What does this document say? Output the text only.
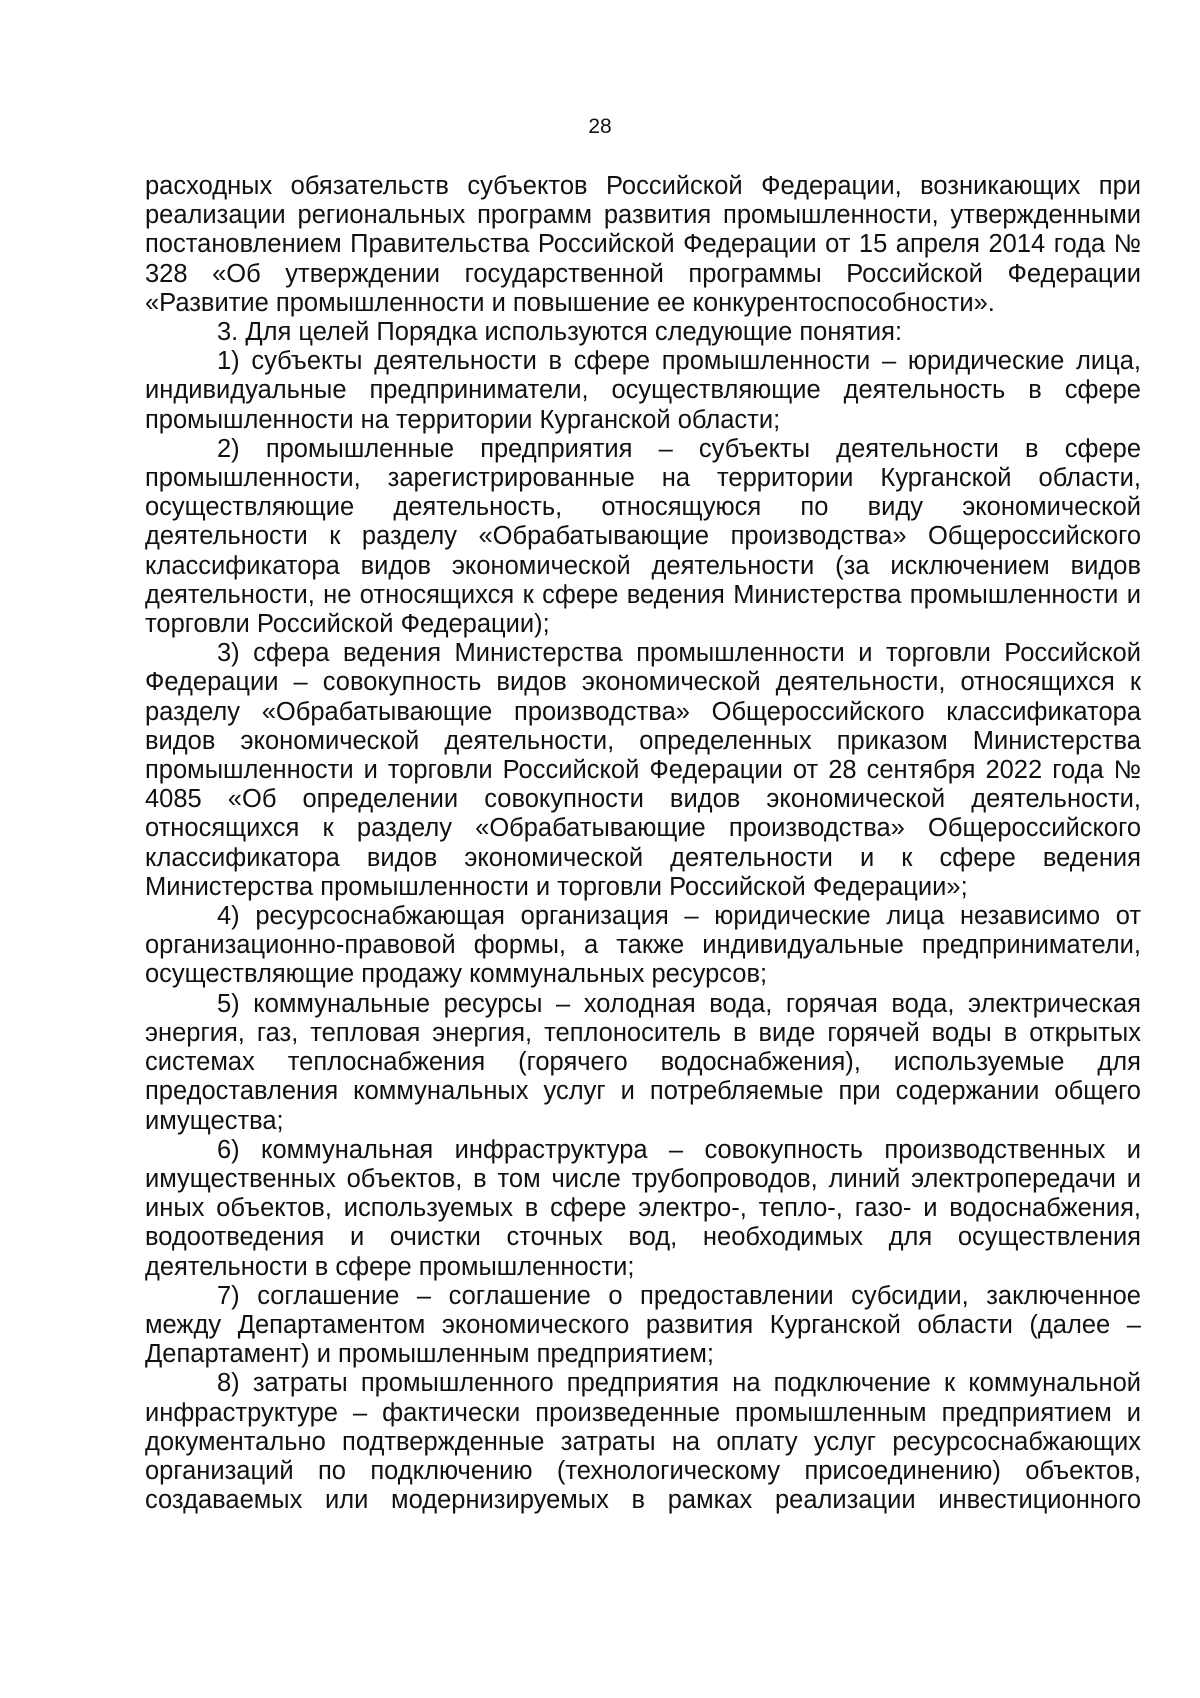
28

расходных обязательств субъектов Российской Федерации, возникающих при реализации региональных программ развития промышленности, утвержденными постановлением Правительства Российской Федерации от 15 апреля 2014 года № 328 «Об утверждении государственной программы Российской Федерации «Развитие промышленности и повышение ее конкурентоспособности».

3. Для целей Порядка используются следующие понятия:

1) субъекты деятельности в сфере промышленности – юридические лица, индивидуальные предприниматели, осуществляющие деятельность в сфере промышленности на территории Курганской области;

2) промышленные предприятия – субъекты деятельности в сфере промышленности, зарегистрированные на территории Курганской области, осуществляющие деятельность, относящуюся по виду экономической деятельности к разделу «Обрабатывающие производства» Общероссийского классификатора видов экономической деятельности (за исключением видов деятельности, не относящихся к сфере ведения Министерства промышленности и торговли Российской Федерации);

3) сфера ведения Министерства промышленности и торговли Российской Федерации – совокупность видов экономической деятельности, относящихся к разделу «Обрабатывающие производства» Общероссийского классификатора видов экономической деятельности, определенных приказом Министерства промышленности и торговли Российской Федерации от 28 сентября 2022 года № 4085 «Об определении совокупности видов экономической деятельности, относящихся к разделу «Обрабатывающие производства» Общероссийского классификатора видов экономической деятельности и к сфере ведения Министерства промышленности и торговли Российской Федерации»;

4) ресурсоснабжающая организация – юридические лица независимо от организационно-правовой формы, а также индивидуальные предприниматели, осуществляющие продажу коммунальных ресурсов;

5) коммунальные ресурсы – холодная вода, горячая вода, электрическая энергия, газ, тепловая энергия, теплоноситель в виде горячей воды в открытых системах теплоснабжения (горячего водоснабжения), используемые для предоставления коммунальных услуг и потребляемые при содержании общего имущества;

6) коммунальная инфраструктура – совокупность производственных и имущественных объектов, в том числе трубопроводов, линий электропередачи и иных объектов, используемых в сфере электро-, тепло-, газо- и водоснабжения, водоотведения и очистки сточных вод, необходимых для осуществления деятельности в сфере промышленности;

7) соглашение – соглашение о предоставлении субсидии, заключенное между Департаментом экономического развития Курганской области (далее – Департамент) и промышленным предприятием;

8) затраты промышленного предприятия на подключение к коммунальной инфраструктуре – фактически произведенные промышленным предприятием и документально подтвержденные затраты на оплату услуг ресурсоснабжающих организаций по подключению (технологическому присоединению) объектов, создаваемых или модернизируемых в рамках реализации инвестиционного
